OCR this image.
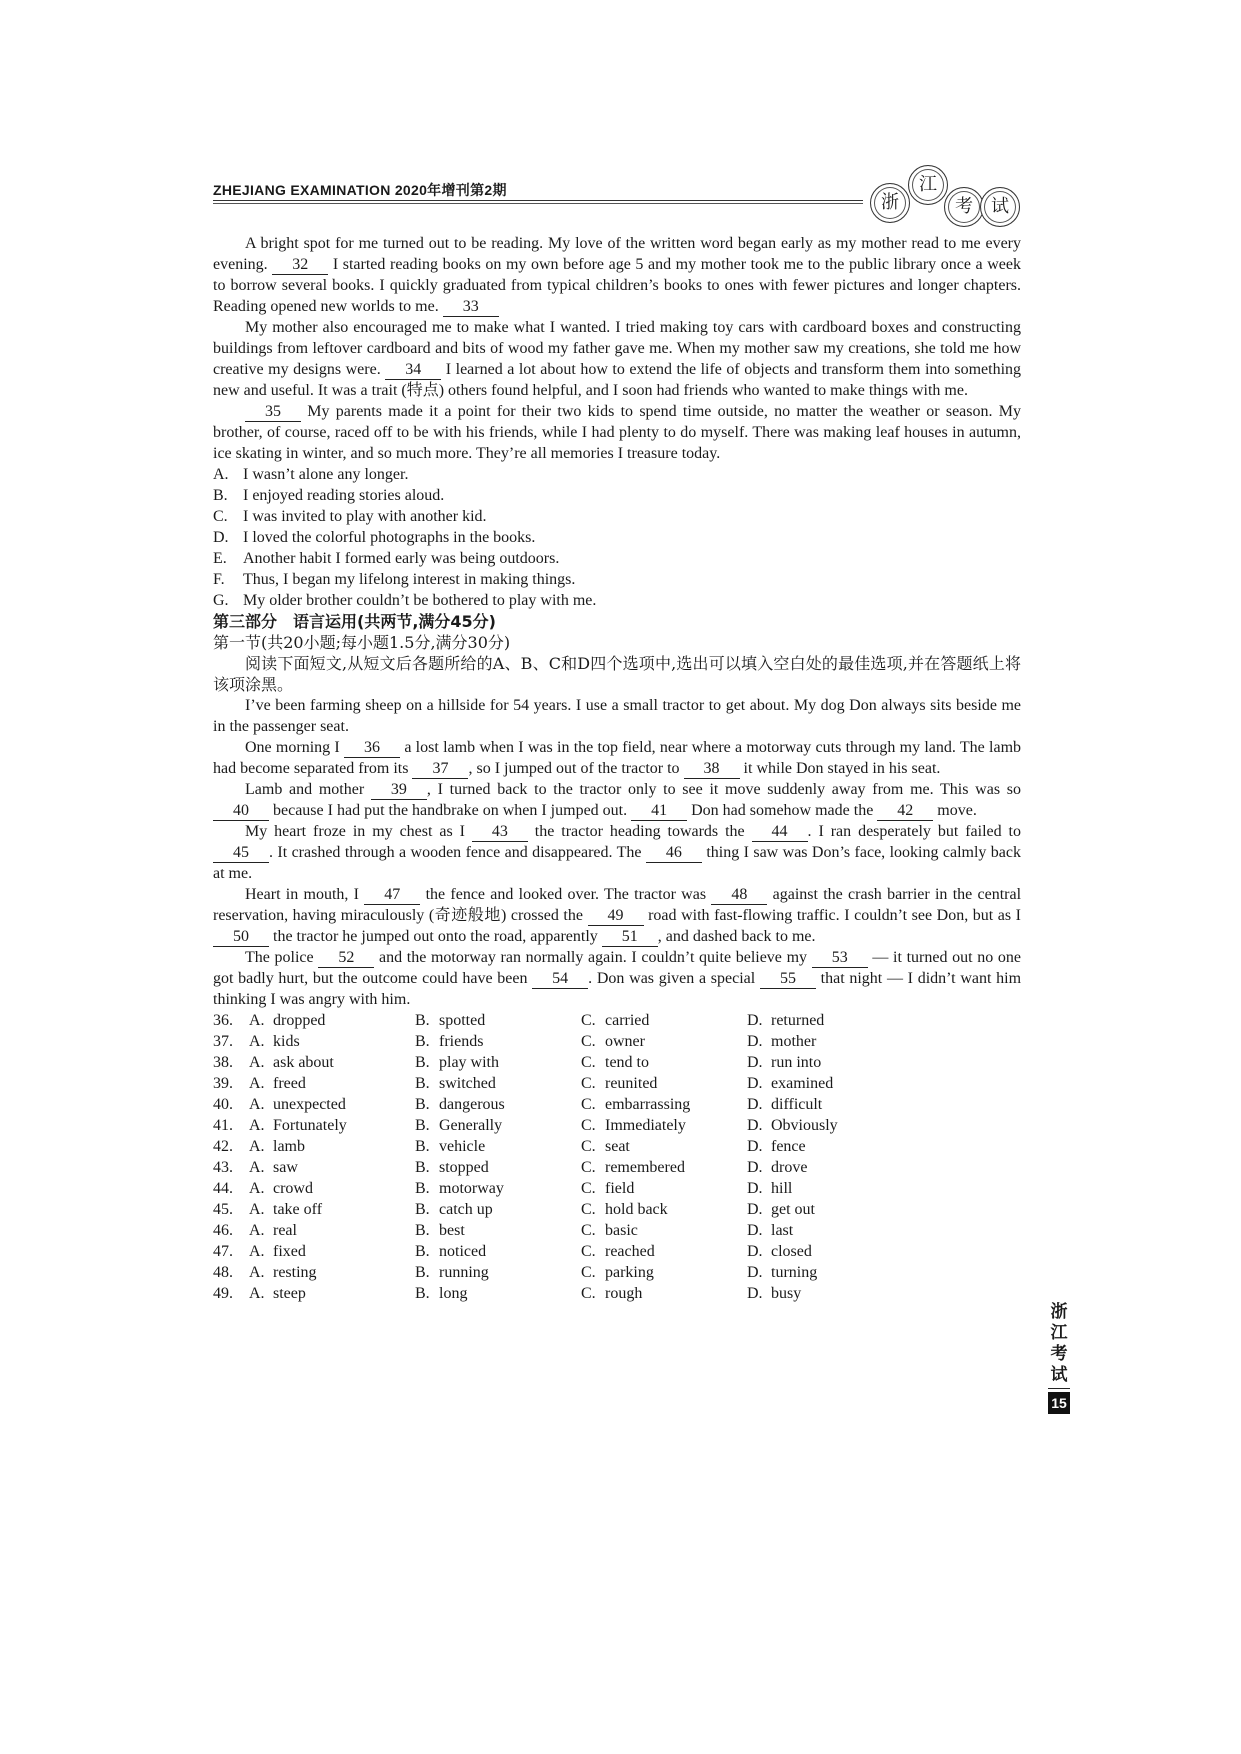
ZHEJIANG EXAMINATION 2020年增刊第2期
浙
江
考	试

A bright spot for me turned out to be reading. My love of the written word began early as my mother read to me every evening. 32 I started reading books on my own before age 5 and my mother took me to the public library once a week to borrow several books. I quickly graduated from typical children’s books to ones with fewer pictures and longer chapters. Reading opened new worlds to me. 33

My mother also encouraged me to make what I wanted. I tried making toy cars with cardboard boxes and constructing buildings from leftover cardboard and bits of wood my father gave me. When my mother saw my creations, she told me how creative my designs were. 34 I learned a lot about how to extend the life of objects and transform them into something new and useful. It was a trait (特点) others found helpful, and I soon had friends who wanted to make things with me.

35 My parents made it a point for their two kids to spend time outside, no matter the weather or season. My brother, of course, raced off to be with his friends, while I had plenty to do myself. There was making leaf houses in autumn, ice skating in winter, and so much more. They’re all memories I treasure today.

A. I wasn’t alone any longer.

B. I enjoyed reading stories aloud.

C. I was invited to play with another kid.

D. I loved the colorful photographs in the books.

E. Another habit I formed early was being outdoors.

F. Thus, I began my lifelong interest in making things.

G. My older brother couldn’t be bothered to play with me.

第三部分　语言运用(共两节,满分45分)

第一节(共20小题;每小题1.5分,满分30分)

阅读下面短文,从短文后各题所给的A、B、C和D四个选项中,选出可以填入空白处的最佳选项,并在答题纸上将该项涂黑。

I’ve been farming sheep on a hillside for 54 years. I use a small tractor to get about. My dog Don always sits beside me in the passenger seat.

One morning I 36 a lost lamb when I was in the top field, near where a motorway cuts through my land. The lamb had become separated from its 37 , so I jumped out of the tractor to 38 it while Don stayed in his seat.

Lamb and mother 39 , I turned back to the tractor only to see it move suddenly away from me. This was so 40 because I had put the handbrake on when I jumped out. 41 Don had somehow made the 42 move.

My heart froze in my chest as I 43 the tractor heading towards the 44 . I ran desperately but failed to 45 . It crashed through a wooden fence and disappeared. The 46 thing I saw was Don’s face, looking calmly back at me.

Heart in mouth, I 47 the fence and looked over. The tractor was 48 against the crash barrier in the central reservation, having miraculously (奇迹般地) crossed the 49 road with fast-flowing traffic. I couldn’t see Don, but as I 50 the tractor he jumped out onto the road, apparently 51 , and dashed back to me.

The police 52 and the motorway ran normally again. I couldn’t quite believe my 53 — it turned out no one got badly hurt, but the outcome could have been 54 . Don was given a special 55 that night — I didn’t want him thinking I was angry with him.

36.	A.	dropped	B.	spotted	C.	carried	D.	returned
37.	A.	kids	B.	friends	C.	owner	D.	mother
38.	A.	ask about	B.	play with	C.	tend to	D.	run into
39.	A.	freed	B.	switched	C.	reunited	D.	examined
40.	A.	unexpected	B.	dangerous	C.	embarrassing	D.	difficult
41.	A.	Fortunately	B.	Generally	C.	Immediately	D.	Obviously
42.	A.	lamb	B.	vehicle	C.	seat	D.	fence
43.	A.	saw	B.	stopped	C.	remembered	D.	drove
44.	A.	crowd	B.	motorway	C.	field	D.	hill
45.	A.	take off	B.	catch up	C.	hold back	D.	get out
46.	A.	real	B.	best	C.	basic	D.	last
47.	A.	fixed	B.	noticed	C.	reached	D.	closed
48.	A.	resting	B.	running	C.	parking	D.	turning
49.	A.	steep	B.	long	C.	rough	D.	busy
浙
江
考
试
15
